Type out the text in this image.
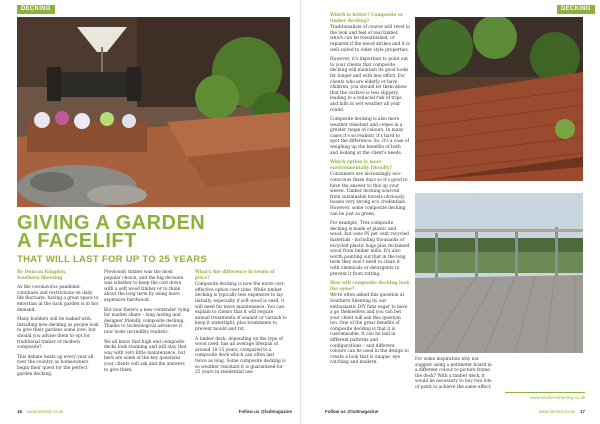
DECKING
GIVING A GARDEN
A FACELIFT
THAT WILL LAST FOR UP TO 25 YEARS

By Duncan Kingdon,
Southern Sheeting

As the coronavirus pandemic continues and restrictions on daily life fluctuate, having a great space to entertain in the back garden is in hot demand.

Many builders will be tasked with installing new decking as people look to give their gardens some love, but should you advise them to opt for traditional timber or modern composite?

This debate heats up every year all over the country as homeowners begin their quest for the perfect garden decking.

Previously timber was the most popular choice, and the big decision was whether to keep the cost down with a soft wood timber or to think about the long term by using more expensive hardwood.

But now there's a new contender vying for market share – long lasting and designer friendly composite decking. Thanks to technological advances it now looks incredibly realistic.

We all know that high end composite decks look stunning and will stay that way with very little maintenance, but here are some of the key questions your clients will ask and the answers to give them.

What's the difference in terms of price?

Composite decking is now the more cost-effective option over time. While timber decking is typically less expensive to lay initially, especially if soft wood is used, it will need far more maintenance. You can explain to clients that it will require annual treatments of sealant or varnish to keep it watertight, plus treatments to prevent mould and rot.

A timber deck, depending on the type of wood used, has an average lifespan of around 10-15 years, compared to a composite deck which can often last twice as long. Some composite decking is so weather resistant it is guaranteed for 25 years in residential use.

16 www.landsd.co.uk	Follow us @lsdmagazine
DECKING

Which is better? Composite or timber decking?

Traditionalists of course will revel in the look and feel of real timber, which can be rewarnished, or repaired if the mood strikes and it is well suited to older style properties.

However, it's important to point out to your clients that composite decking will maintain its good looks for longer and with less effort. For clients who are elderly or have children, you should let them know that the surface is less slippery, leading to a reduced risk of trips and falls in wet weather all year round.

Composite decking is also more weather resistant and comes in a greater range of colours. In many cases it's so realistic it's hard to spot the difference. So, it's a case of weighing up the benefits of both and looking at the client's needs.

Which option is more environmentally friendly?

Consumers are increasingly eco-conscious these days so it's good to have the answer to this up your sleeve. Timber decking sourced from sustainable forests obviously boasts very strong eco credentials. However, some composite decking can be just as green.

For example, Trex composite decking is made of plastic and wood, but uses 95 per cent recycled materials - including thousands of recycled plastic bags plus reclaimed wood from timber mills. It's also worth pointing out that in the long term they won't need to clean it with chemicals or detergents to prevent it from rotting.

How will composite decking look the same?

We're often asked this question at Southern Sheeting by our enthusiastic DIY fans eager to have a go themselves and you can bet your client will ask this question too. One of the great benefits of composite decking is that it is customisable. It can be laid in different patterns and configurations – and different colours can be used in the design to create a look that is unique, eye catching and modern.

For some inspiration why not suggest using a perimeter board in a different colour to picture frame the deck? With a timber deck, it would be necessary to buy two lots of paint to achieve the same effect.

www.southernsheeting.co.uk
Follow us @lsdmagazine	www.landsd.co.uk 17
